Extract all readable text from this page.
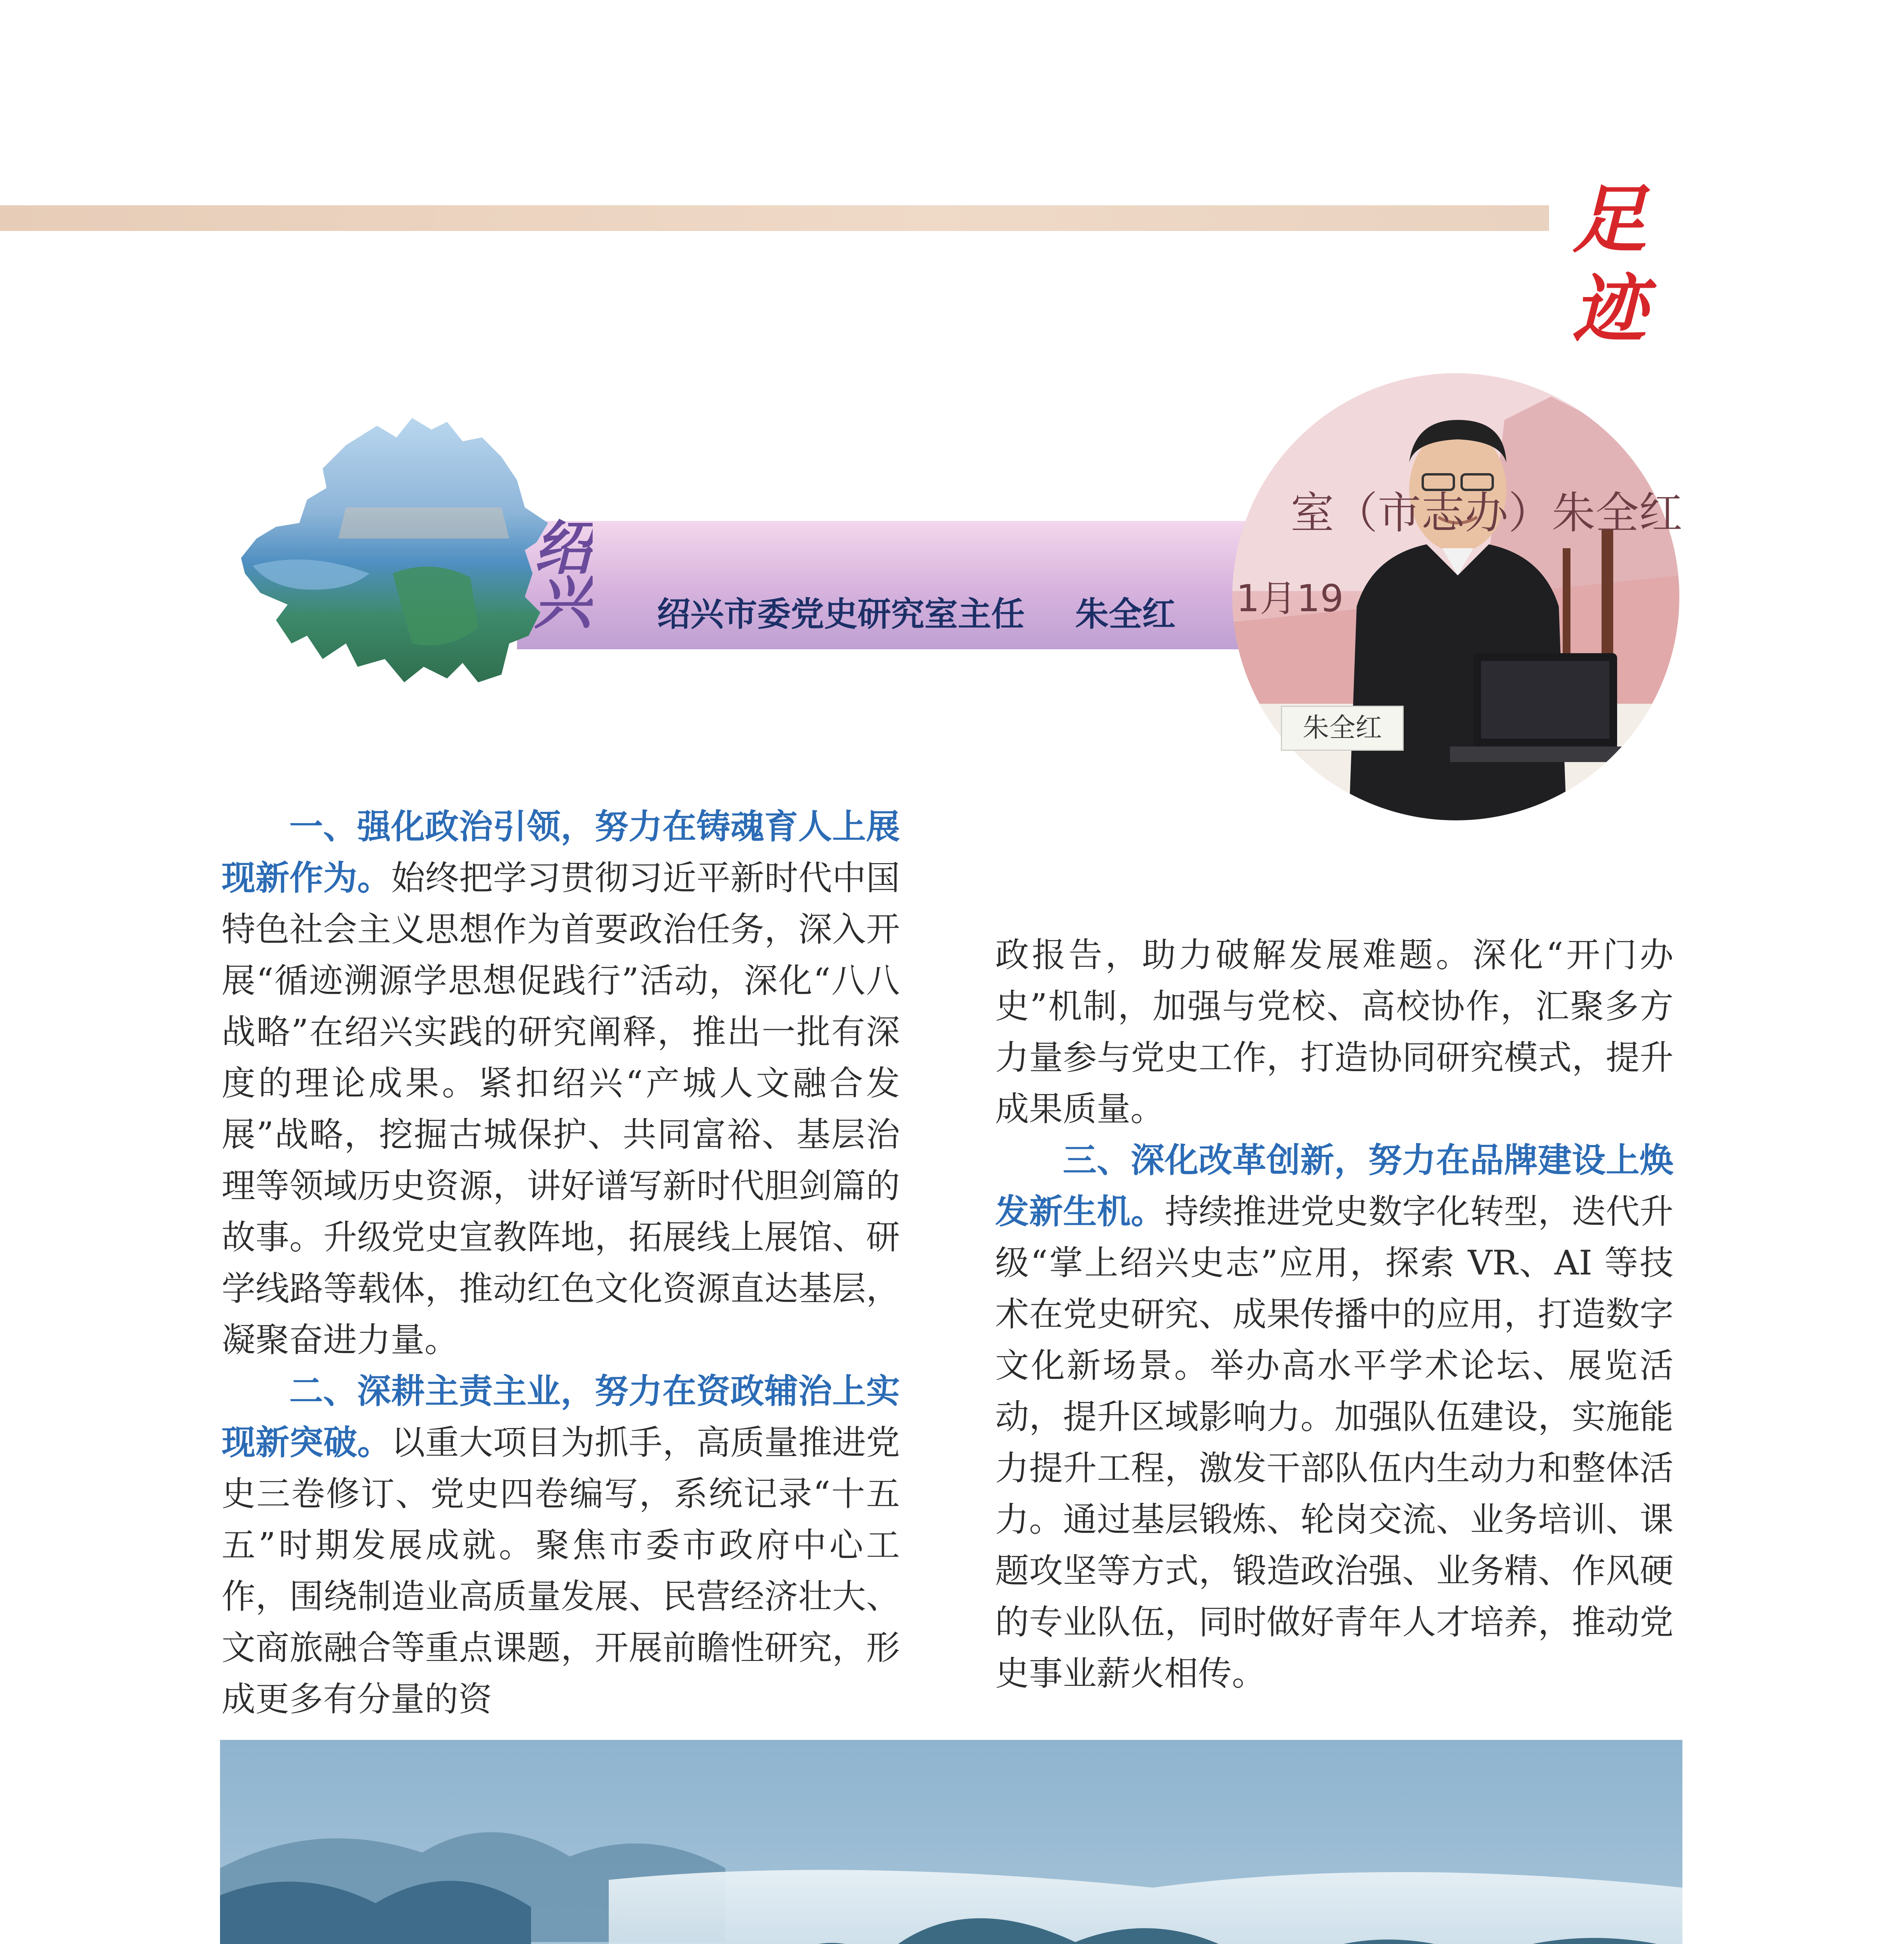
足迹
绍兴 绍兴市委党史研究室主任 朱全红
室（市志办）朱全红
1月19
朱全红

一、强化政治引领，努力在铸魂育人上展现新作为。始终把学习贯彻习近平新时代中国特色社会主义思想作为首要政治任务，深入开展“循迹溯源学思想促践行”活动，深化“八八战略”在绍兴实践的研究阐释，推出一批有深度的理论成果。紧扣绍兴“产城人文融合发展”战略，挖掘古城保护、共同富裕、基层治理等领域历史资源，讲好谱写新时代胆剑篇的故事。升级党史宣教阵地，拓展线上展馆、研学线路等载体，推动红色文化资源直达基层，凝聚奋进力量。

二、深耕主责主业，努力在资政辅治上实现新突破。以重大项目为抓手，高质量推进党史三卷修订、党史四卷编写，系统记录“十五五”时期发展成就。聚焦市委市政府中心工作，围绕制造业高质量发展、民营经济壮大、文商旅融合等重点课题，开展前瞻性研究，形成更多有分量的资

政报告，助力破解发展难题。深化“开门办史”机制，加强与党校、高校协作，汇聚多方力量参与党史工作，打造协同研究模式，提升成果质量。

三、深化改革创新，努力在品牌建设上焕发新生机。持续推进党史数字化转型，迭代升级“掌上绍兴史志”应用，探索 VR、AI 等技术在党史研究、成果传播中的应用，打造数字文化新场景。举办高水平学术论坛、展览活动，提升区域影响力。加强队伍建设，实施能力提升工程，激发干部队伍内生动力和整体活力。通过基层锻炼、轮岗交流、业务培训、课题攻坚等方式，锻造政治强、业务精、作风硬的专业队伍，同时做好青年人才培养，推动党史事业薪火相传。
